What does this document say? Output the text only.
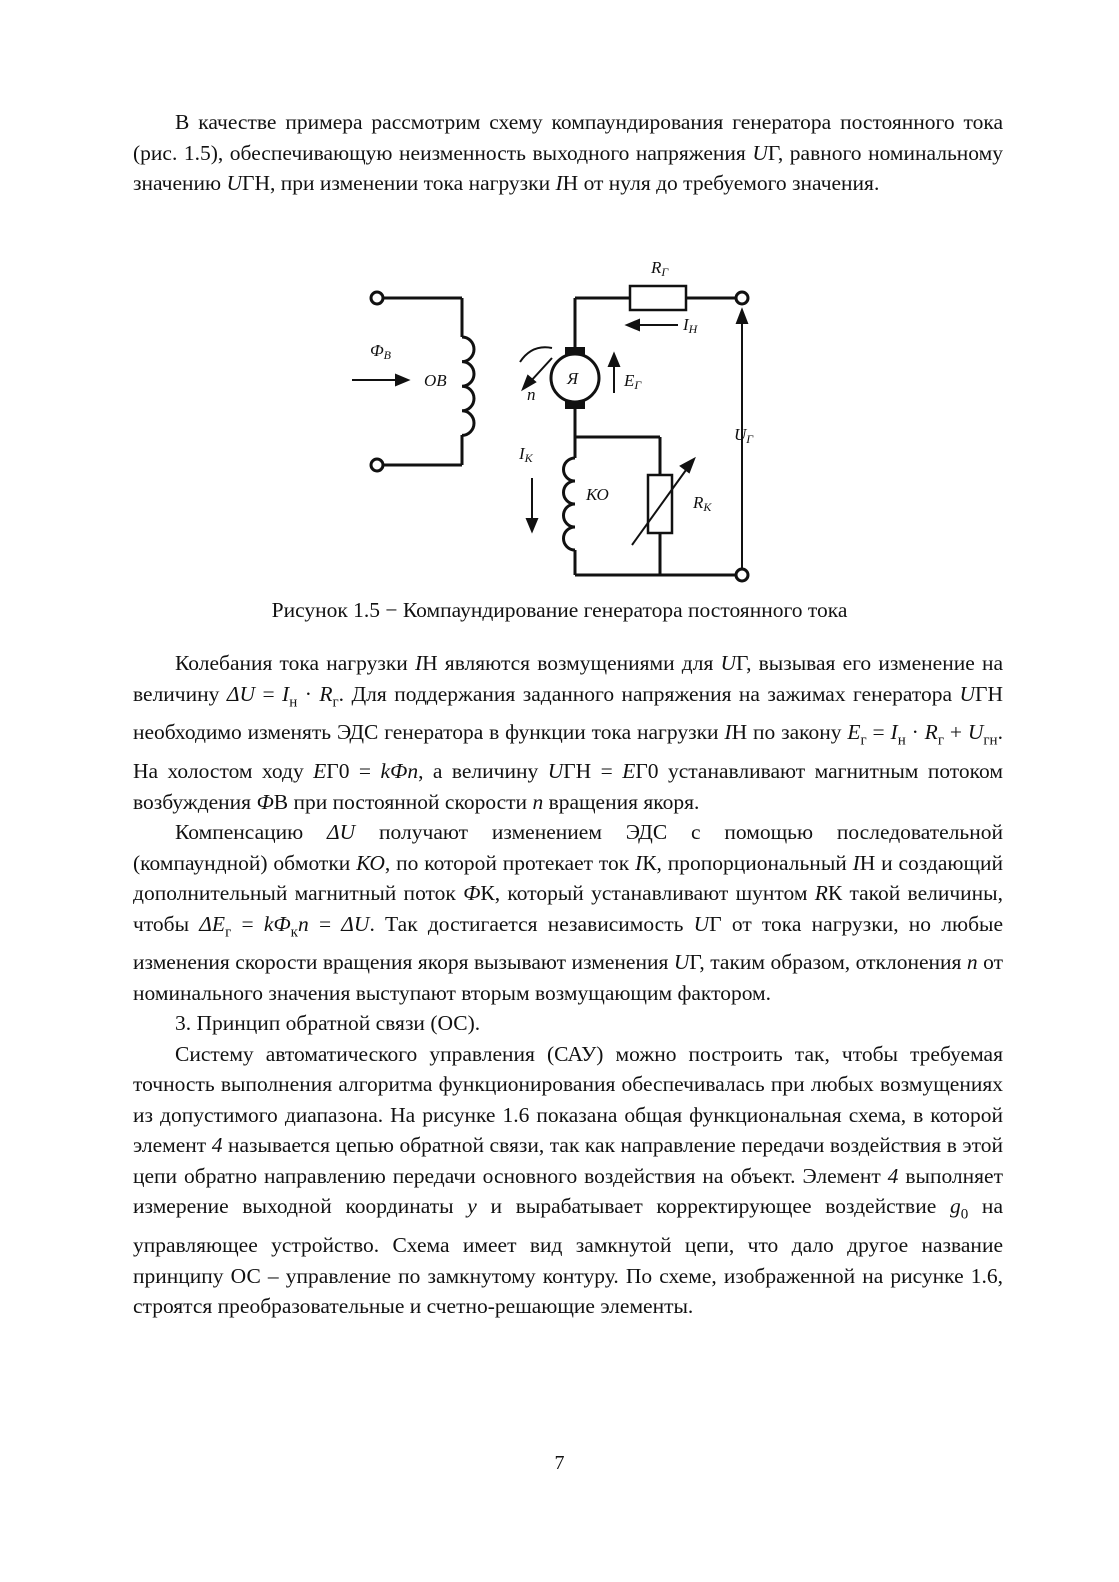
В качестве примера рассмотрим схему компаундирования генератора постоянного тока (рис. 1.5), обеспечивающую неизменность выходного напряжения UГ, равного номинальному значению UГН, при изменении тока нагрузки IН от нуля до требуемого значения.

ФВ
ОВ	Я
n
EГ
RГ
IН
UГ
IК
КО	RК
Рисунок 1.5 − Компаундирование генератора постоянного тока

Колебания тока нагрузки IН являются возмущениями для UГ, вызывая его изменение на величину $\Delta U = I_н \cdot R_г$. Для поддержания заданного напряжения на зажимах генератора UГН необходимо изменять ЭДС генератора в функции тока нагрузки IН по закону $E_г = I_н \cdot R_г + U_{гн}$. На холостом ходу EГ0 = kФn, а величину UГН = EГ0 устанавливают магнитным потоком возбуждения ФВ при постоянной скорости n вращения якоря.

Компенсацию ΔU получают изменением ЭДС с помощью последовательной (компаундной) обмотки КО, по которой протекает ток IК, пропорциональный IН и создающий дополнительный магнитный поток ФК, который устанавливают шунтом RК такой величины, чтобы $\Delta E_г = kФ_кn = \Delta U$. Так достигается независимость UГ от тока нагрузки, но любые изменения скорости вращения якоря вызывают изменения UГ, таким образом, отклонения n от номинального значения выступают вторым возмущающим фактором.

3. Принцип обратной связи (ОС).

Систему автоматического управления (САУ) можно построить так, чтобы требуемая точность выполнения алгоритма функционирования обеспечивалась при любых возмущениях из допустимого диапазона. На рисунке 1.6 показана общая функциональная схема, в которой элемент 4 называется цепью обратной связи, так как направление передачи воздействия в этой цепи обратно направлению передачи основного воздействия на объект. Элемент 4 выполняет измерение выходной координаты y и вырабатывает корректирующее воздействие $g_0$ на управляющее устройство. Схема имеет вид замкнутой цепи, что дало другое название принципу ОС – управление по замкнутому контуру. По схеме, изображенной на рисунке 1.6, строятся преобразовательные и счетно-решающие элементы.

7
